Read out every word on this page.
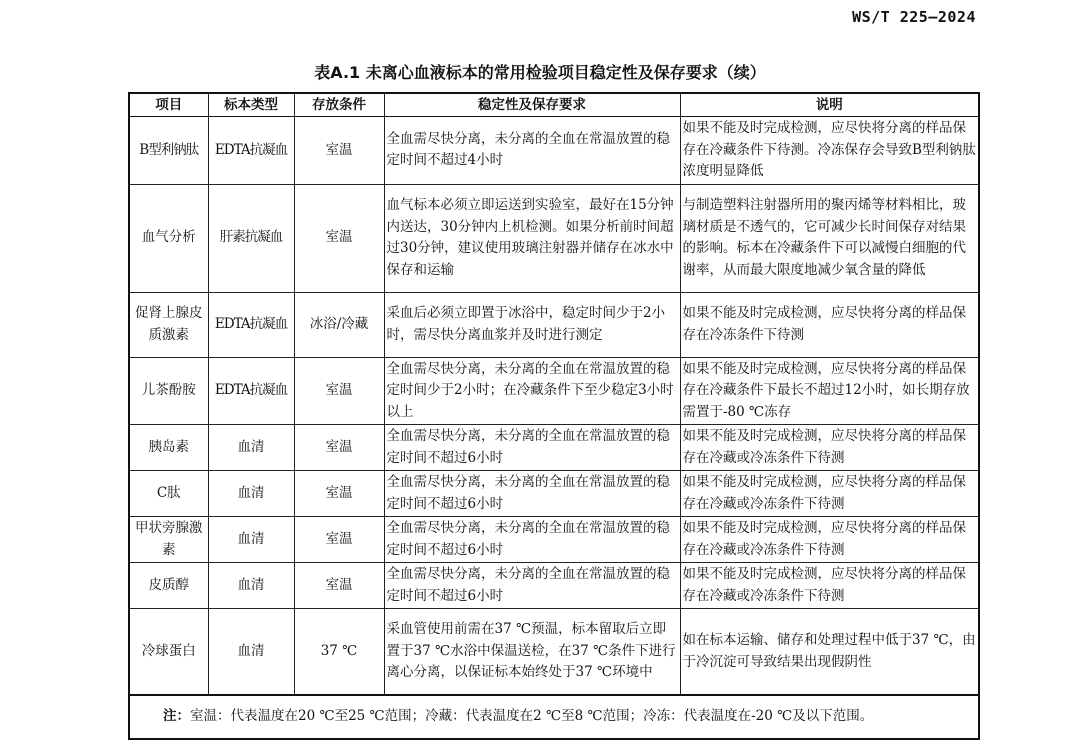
WS/T 225—2024
表A.1 未离心血液标本的常用检验项目稳定性及保存要求（续）
项目	标本类型	存放条件	稳定性及保存要求	说明
B型利钠肽	EDTA抗凝血	室温	全血需尽快分离，未分离的全血在常温放置的稳定时间不超过4小时	如果不能及时完成检测，应尽快将分离的样品保存在冷藏条件下待测。冷冻保存会导致B型利钠肽浓度明显降低
血气分析	肝素抗凝血	室温	血气标本必须立即运送到实验室，最好在15分钟内送达，30分钟内上机检测。如果分析前时间超过30分钟，建议使用玻璃注射器并储存在冰水中保存和运输	与制造塑料注射器所用的聚丙烯等材料相比，玻璃材质是不透气的，它可减少长时间保存对结果的影响。标本在冷藏条件下可以减慢白细胞的代谢率，从而最大限度地减少氧含量的降低
促肾上腺皮质激素	EDTA抗凝血	冰浴/冷藏	采血后必须立即置于冰浴中，稳定时间少于2小时，需尽快分离血浆并及时进行测定	如果不能及时完成检测，应尽快将分离的样品保存在冷冻条件下待测
儿茶酚胺	EDTA抗凝血	室温	全血需尽快分离，未分离的全血在常温放置的稳定时间少于2小时；在冷藏条件下至少稳定3小时以上	如果不能及时完成检测，应尽快将分离的样品保存在冷藏条件下最长不超过12小时，如长期存放需置于-80 ℃冻存
胰岛素	血清	室温	全血需尽快分离，未分离的全血在常温放置的稳定时间不超过6小时	如果不能及时完成检测，应尽快将分离的样品保存在冷藏或冷冻条件下待测
C肽	血清	室温	全血需尽快分离，未分离的全血在常温放置的稳定时间不超过6小时	如果不能及时完成检测，应尽快将分离的样品保存在冷藏或冷冻条件下待测
甲状旁腺激素	血清	室温	全血需尽快分离，未分离的全血在常温放置的稳定时间不超过6小时	如果不能及时完成检测，应尽快将分离的样品保存在冷藏或冷冻条件下待测
皮质醇	血清	室温	全血需尽快分离，未分离的全血在常温放置的稳定时间不超过6小时	如果不能及时完成检测，应尽快将分离的样品保存在冷藏或冷冻条件下待测
冷球蛋白	血清	37 ℃	采血管使用前需在37 ℃预温，标本留取后立即置于37 ℃水浴中保温送检，在37 ℃条件下进行离心分离，以保证标本始终处于37 ℃环境中	如在标本运输、储存和处理过程中低于37 ℃，由于冷沉淀可导致结果出现假阴性
注：室温：代表温度在20 ℃至25 ℃范围；冷藏：代表温度在2 ℃至8 ℃范围；冷冻：代表温度在-20 ℃及以下范围。				
